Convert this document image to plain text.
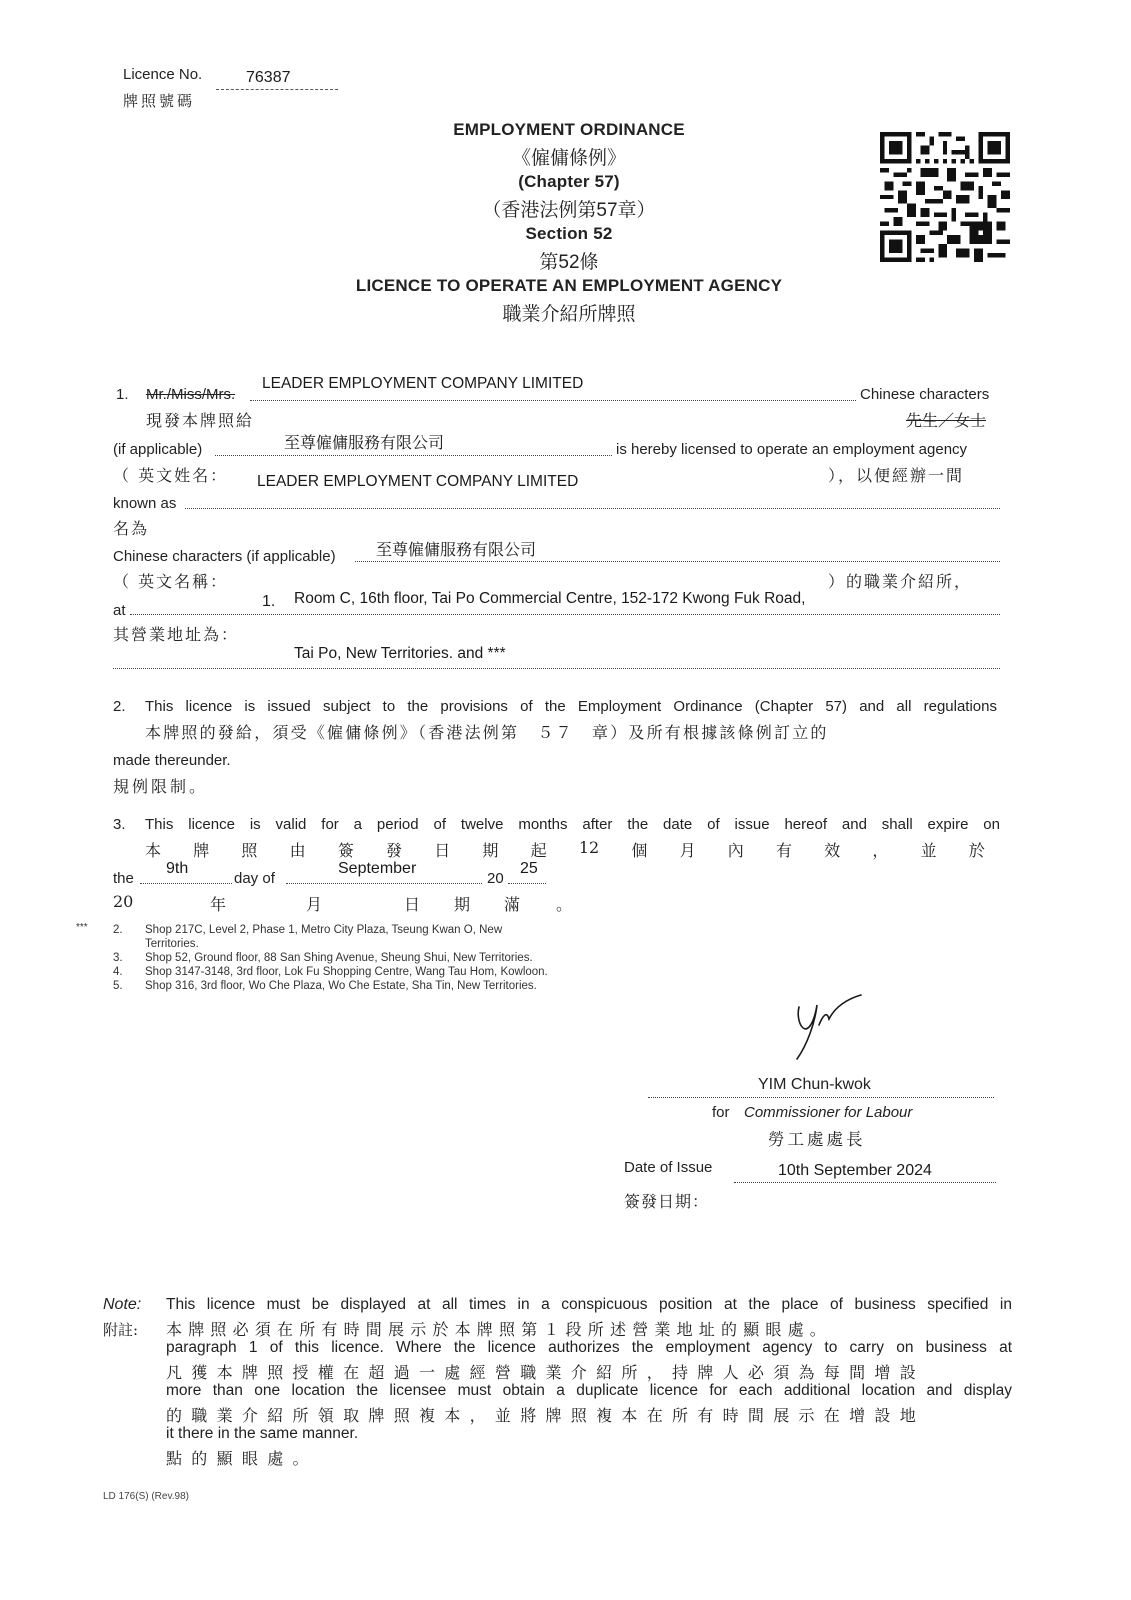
Licence No.
牌照號碼
76387
EMPLOYMENT ORDINANCE
《僱傭條例》
(Chapter 57)
（香港法例第57章）
Section 52
第52條
LICENCE TO OPERATE AN EMPLOYMENT AGENCY
職業介紹所牌照
1. Mr./Miss/Mrs.
LEADER EMPLOYMENT COMPANY LIMITED
Chinese characters
現發本牌照給	先生／女士
(if applicable)	至尊僱傭服務有限公司	is hereby licensed to operate an employment agency
（ 英文姓名：	），以便經辦一間
LEADER EMPLOYMENT COMPANY LIMITED
known as
名為
Chinese characters (if applicable)	至尊僱傭服務有限公司
（ 英文名稱：	）的職業介紹所，
at
1. Room C, 16th floor, Tai Po Commercial Centre, 152-172 Kwong Fuk Road,
其營業地址為：
Tai Po, New Territories. and ***
2. This licence is issued subject to the provisions of the Employment Ordinance (Chapter 57) and all regulations
本牌照的發給，須受《僱傭條例》（香港法例第　５７　章）及所有根據該條例訂立的
made thereunder.
規例限制。
3. This licence is valid for a period of twelve months after the date of issue hereof and shall expire on
本 牌 照 由 簽 發 日 期 起 12 個 月 內 有 效 ， 並 於
the
9th
day of
September
20
25
20	年	月	日 期 滿 。
*** 2. Shop 217C, Level 2, Phase 1, Metro City Plaza, Tseung Kwan O, New
Territories.
3. Shop 52, Ground floor, 88 San Shing Avenue, Sheung Shui, New Territories.
4. Shop 3147-3148, 3rd floor, Lok Fu Shopping Centre, Wang Tau Hom, Kowloon.
5. Shop 316, 3rd floor, Wo Che Plaza, Wo Che Estate, Sha Tin, New Territories.
YIM Chun-kwok
for Commissioner for Labour
勞工處處長
Date of Issue	10th September 2024
簽發日期：
Note:
附註:
This licence must be displayed at all times in a conspicuous position at the place of business specified in
本牌照必須在所有時間展示於本牌照第１段所述營業地址的顯眼處。
paragraph 1 of this licence. Where the licence authorizes the employment agency to carry on business at
凡獲本牌照授權在超過一處經營職業介紹所，持牌人必須為每間增設
more than one location the licensee must obtain a duplicate licence for each additional location and display
的職業介紹所領取牌照複本，並將牌照複本在所有時間展示在增設地
it there in the same manner.
點的顯眼處。
LD 176(S) (Rev.98)
